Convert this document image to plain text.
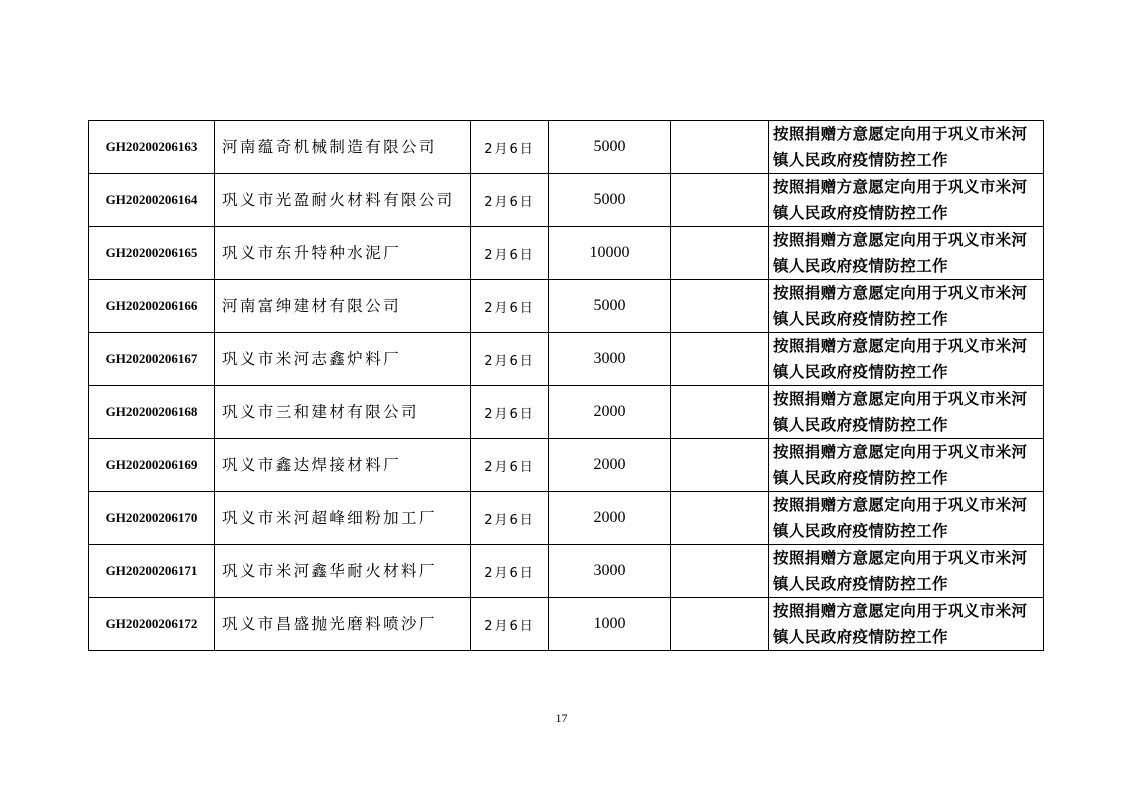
GH20200206163	河南蕴奇机械制造有限公司	2月6日	5000		按照捐赠方意愿定向用于巩义市米河镇人民政府疫情防控工作
GH20200206164	巩义市光盈耐火材料有限公司	2月6日	5000		按照捐赠方意愿定向用于巩义市米河镇人民政府疫情防控工作
GH20200206165	巩义市东升特种水泥厂	2月6日	10000		按照捐赠方意愿定向用于巩义市米河镇人民政府疫情防控工作
GH20200206166	河南富绅建材有限公司	2月6日	5000		按照捐赠方意愿定向用于巩义市米河镇人民政府疫情防控工作
GH20200206167	巩义市米河志鑫炉料厂	2月6日	3000		按照捐赠方意愿定向用于巩义市米河镇人民政府疫情防控工作
GH20200206168	巩义市三和建材有限公司	2月6日	2000		按照捐赠方意愿定向用于巩义市米河镇人民政府疫情防控工作
GH20200206169	巩义市鑫达焊接材料厂	2月6日	2000		按照捐赠方意愿定向用于巩义市米河镇人民政府疫情防控工作
GH20200206170	巩义市米河超峰细粉加工厂	2月6日	2000		按照捐赠方意愿定向用于巩义市米河镇人民政府疫情防控工作
GH20200206171	巩义市米河鑫华耐火材料厂	2月6日	3000		按照捐赠方意愿定向用于巩义市米河镇人民政府疫情防控工作
GH20200206172	巩义市昌盛抛光磨料喷沙厂	2月6日	1000		按照捐赠方意愿定向用于巩义市米河镇人民政府疫情防控工作
17
